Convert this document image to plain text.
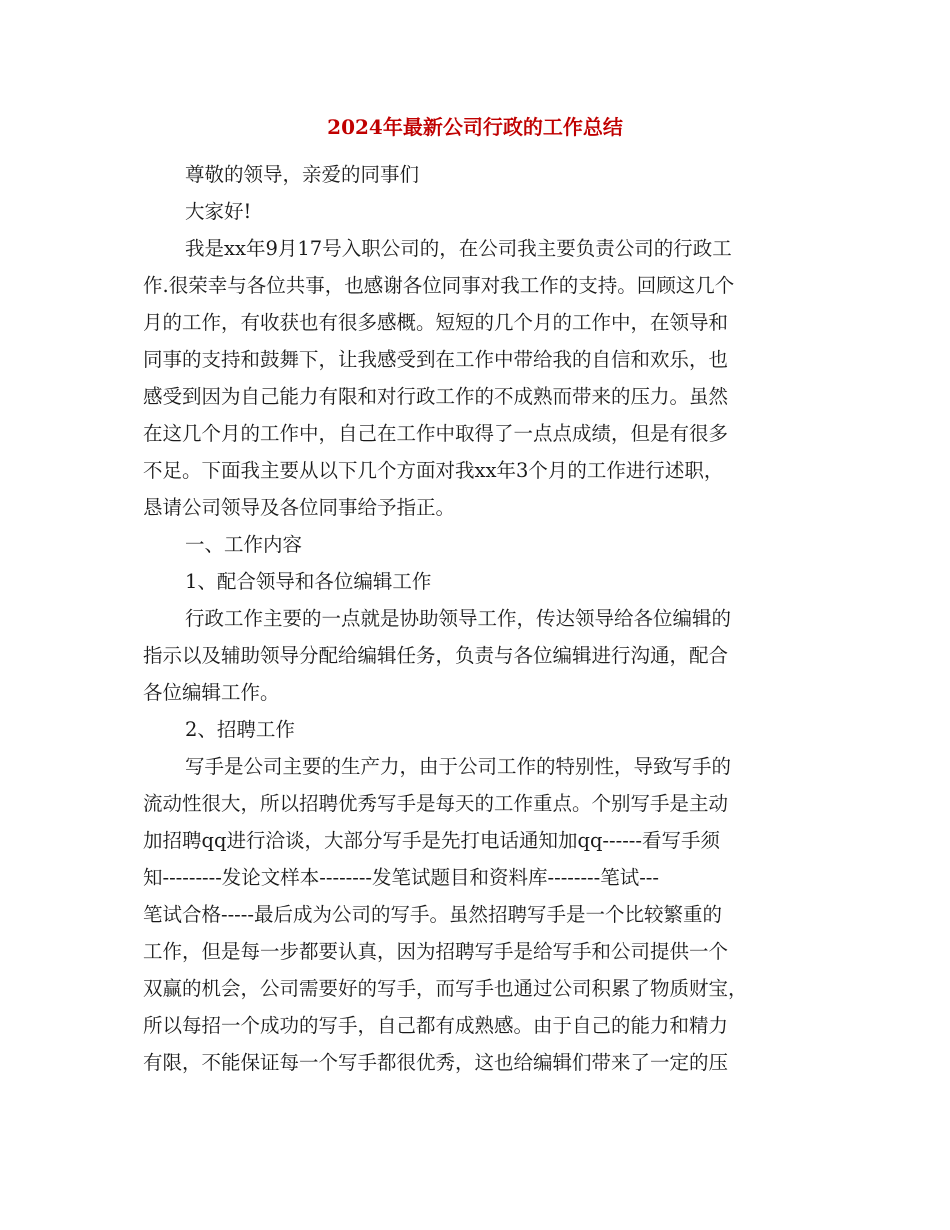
2024年最新公司行政的工作总结
尊敬的领导，亲爱的同事们
大家好!
我是xx年9月17号入职公司的，在公司我主要负责公司的行政工
作.很荣幸与各位共事，也感谢各位同事对我工作的支持。回顾这几个
月的工作，有收获也有很多感概。短短的几个月的工作中，在领导和
同事的支持和鼓舞下，让我感受到在工作中带给我的自信和欢乐，也
感受到因为自己能力有限和对行政工作的不成熟而带来的压力。虽然
在这几个月的工作中，自己在工作中取得了一点点成绩，但是有很多
不足。下面我主要从以下几个方面对我xx年3个月的工作进行述职，
恳请公司领导及各位同事给予指正。
一、工作内容
1、配合领导和各位编辑工作
行政工作主要的一点就是协助领导工作，传达领导给各位编辑的
指示以及辅助领导分配给编辑任务，负责与各位编辑进行沟通，配合
各位编辑工作。
2、招聘工作
写手是公司主要的生产力，由于公司工作的特别性，导致写手的
流动性很大，所以招聘优秀写手是每天的工作重点。个别写手是主动
加招聘qq进行洽谈，大部分写手是先打电话通知加qq------看写手须
知---------发论文样本--------发笔试题目和资料库--------笔试---
笔试合格-----最后成为公司的写手。虽然招聘写手是一个比较繁重的
工作，但是每一步都要认真，因为招聘写手是给写手和公司提供一个
双赢的机会，公司需要好的写手，而写手也通过公司积累了物质财宝，
所以每招一个成功的写手，自己都有成熟感。由于自己的能力和精力
有限，不能保证每一个写手都很优秀，这也给编辑们带来了一定的压
